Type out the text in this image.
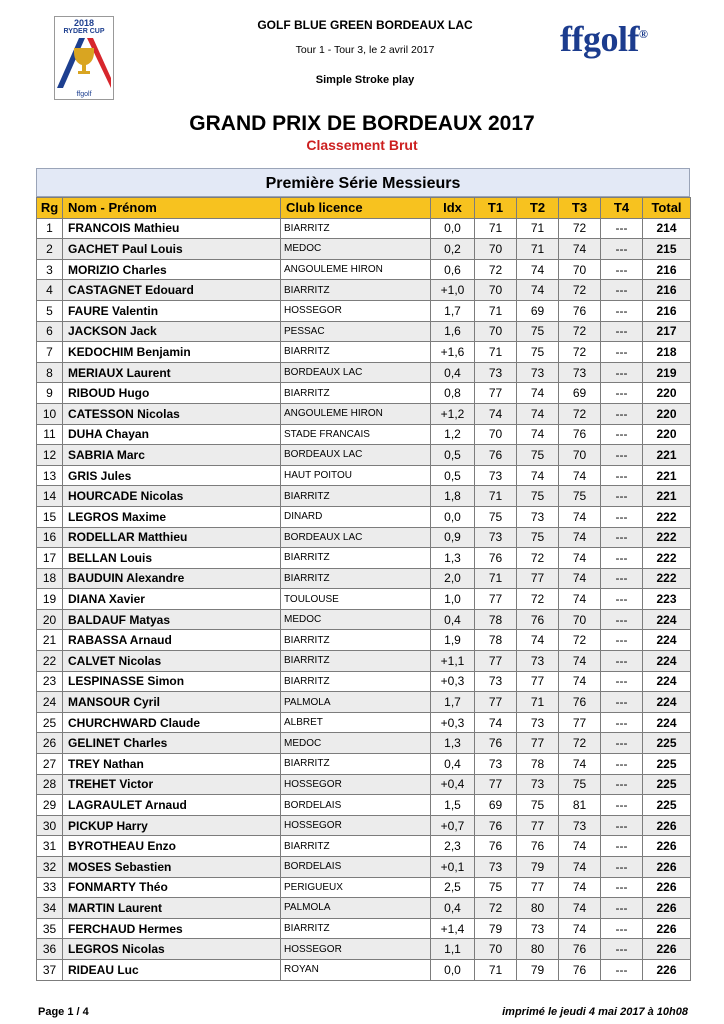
2018
RYDER CUP
ffgolf
ffgolf®
GOLF BLUE GREEN BORDEAUX LAC
Tour 1 - Tour 3, le 2 avril 2017
Simple Stroke play
GRAND PRIX DE BORDEAUX 2017
Classement Brut
Première Série Messieurs
Rg	Nom - Prénom	Club licence	Idx	T1	T2	T3	T4	Total
1	FRANCOIS Mathieu	BIARRITZ	0,0	71	71	72	---	214
2	GACHET Paul Louis	MEDOC	0,2	70	71	74	---	215
3	MORIZIO Charles	ANGOULEME HIRON	0,6	72	74	70	---	216
4	CASTAGNET Edouard	BIARRITZ	+1,0	70	74	72	---	216
5	FAURE Valentin	HOSSEGOR	1,7	71	69	76	---	216
6	JACKSON Jack	PESSAC	1,6	70	75	72	---	217
7	KEDOCHIM Benjamin	BIARRITZ	+1,6	71	75	72	---	218
8	MERIAUX Laurent	BORDEAUX LAC	0,4	73	73	73	---	219
9	RIBOUD Hugo	BIARRITZ	0,8	77	74	69	---	220
10	CATESSON Nicolas	ANGOULEME HIRON	+1,2	74	74	72	---	220
11	DUHA Chayan	STADE FRANCAIS	1,2	70	74	76	---	220
12	SABRIA Marc	BORDEAUX LAC	0,5	76	75	70	---	221
13	GRIS Jules	HAUT POITOU	0,5	73	74	74	---	221
14	HOURCADE Nicolas	BIARRITZ	1,8	71	75	75	---	221
15	LEGROS Maxime	DINARD	0,0	75	73	74	---	222
16	RODELLAR Matthieu	BORDEAUX LAC	0,9	73	75	74	---	222
17	BELLAN Louis	BIARRITZ	1,3	76	72	74	---	222
18	BAUDUIN Alexandre	BIARRITZ	2,0	71	77	74	---	222
19	DIANA Xavier	TOULOUSE	1,0	77	72	74	---	223
20	BALDAUF Matyas	MEDOC	0,4	78	76	70	---	224
21	RABASSA Arnaud	BIARRITZ	1,9	78	74	72	---	224
22	CALVET Nicolas	BIARRITZ	+1,1	77	73	74	---	224
23	LESPINASSE Simon	BIARRITZ	+0,3	73	77	74	---	224
24	MANSOUR Cyril	PALMOLA	1,7	77	71	76	---	224
25	CHURCHWARD Claude	ALBRET	+0,3	74	73	77	---	224
26	GELINET Charles	MEDOC	1,3	76	77	72	---	225
27	TREY Nathan	BIARRITZ	0,4	73	78	74	---	225
28	TREHET Victor	HOSSEGOR	+0,4	77	73	75	---	225
29	LAGRAULET Arnaud	BORDELAIS	1,5	69	75	81	---	225
30	PICKUP Harry	HOSSEGOR	+0,7	76	77	73	---	226
31	BYROTHEAU Enzo	BIARRITZ	2,3	76	76	74	---	226
32	MOSES Sebastien	BORDELAIS	+0,1	73	79	74	---	226
33	FONMARTY Théo	PERIGUEUX	2,5	75	77	74	---	226
34	MARTIN Laurent	PALMOLA	0,4	72	80	74	---	226
35	FERCHAUD Hermes	BIARRITZ	+1,4	79	73	74	---	226
36	LEGROS Nicolas	HOSSEGOR	1,1	70	80	76	---	226
37	RIDEAU Luc	ROYAN	0,0	71	79	76	---	226
Page 1 / 4	imprimé le jeudi 4 mai 2017 à 10h08
